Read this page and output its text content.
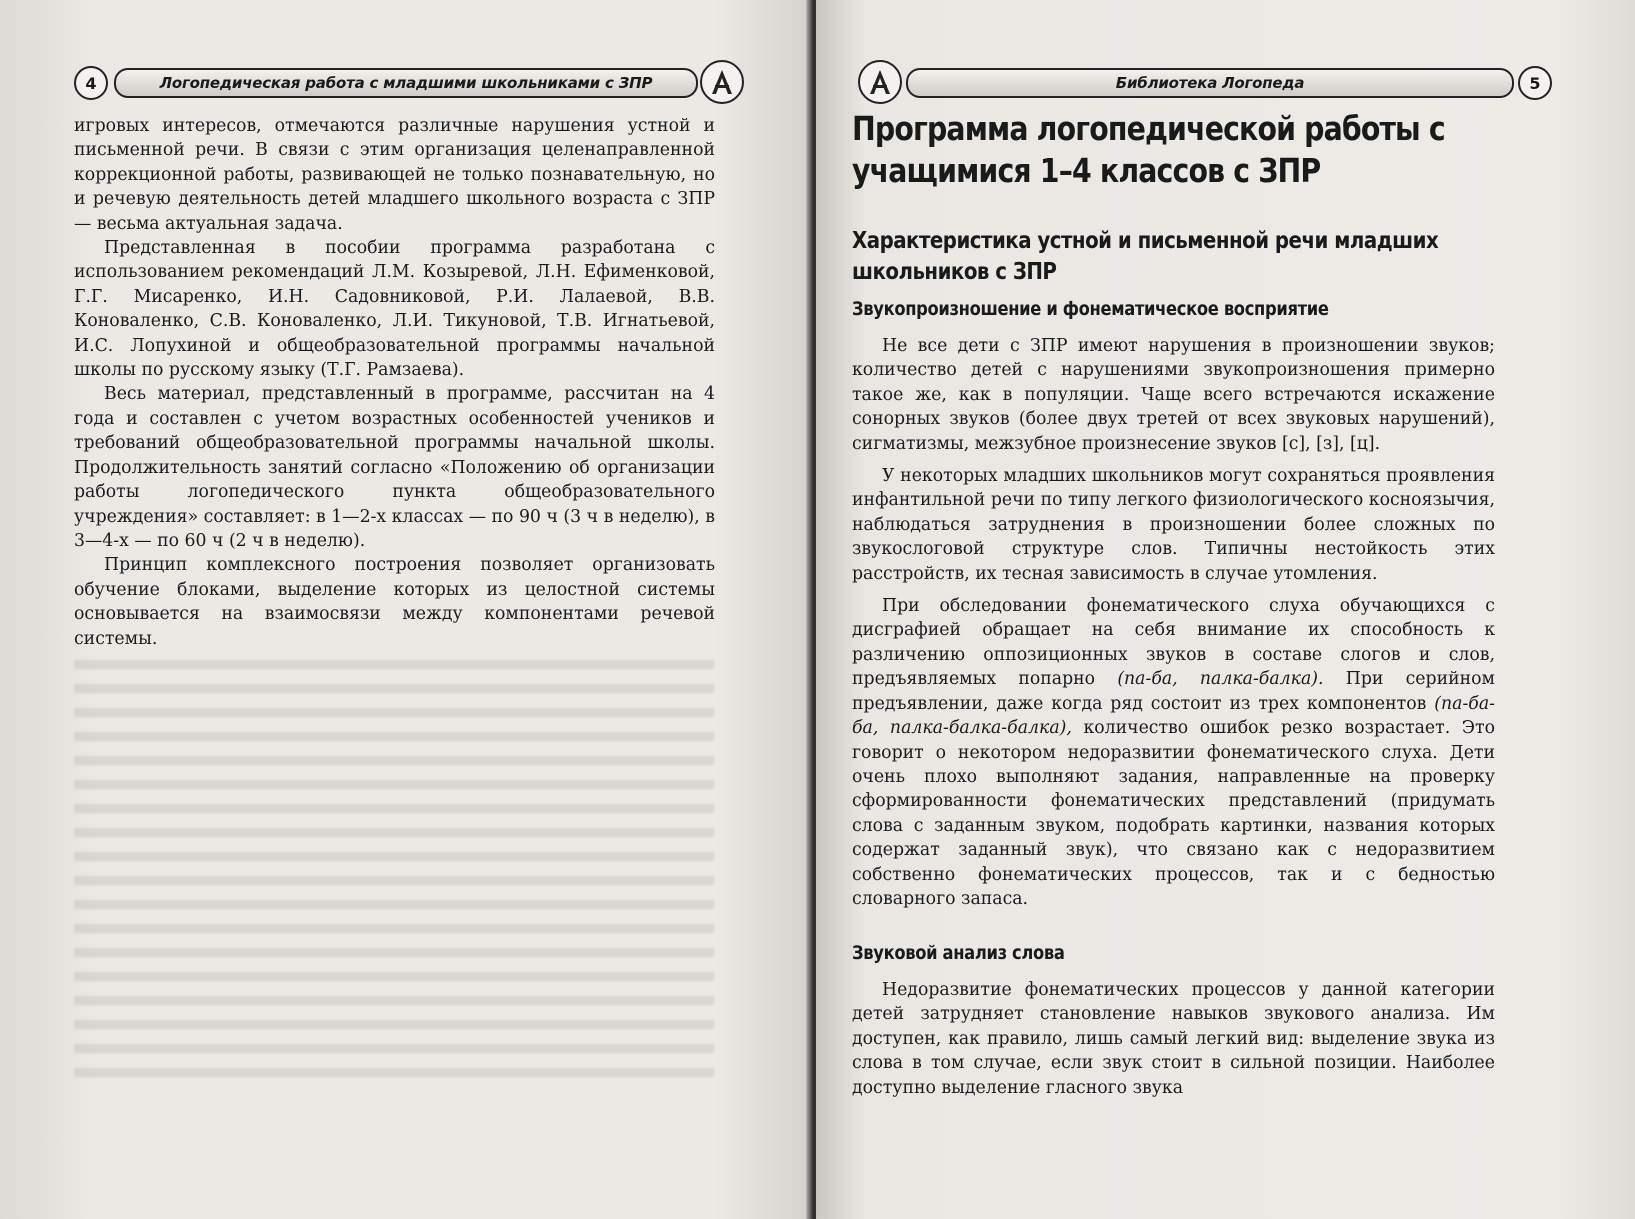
4	Логопедическая работа с младшими школьниками с ЗПР

игровых интересов, отмечаются различные нарушения устной и письменной речи. В связи с этим организация целенаправленной коррекционной работы, развивающей не только познавательную, но и речевую деятельность детей младшего школьного возраста с ЗПР — весьма актуальная задача.

Представленная в пособии программа разработана с использованием рекомендаций Л.М. Козыревой, Л.Н. Ефименковой, Г.Г. Мисаренко, И.Н. Садовниковой, Р.И. Лалаевой, В.В. Коноваленко, С.В. Коноваленко, Л.И. Тикуновой, Т.В. Игнатьевой, И.С. Лопухиной и общеобразовательной программы начальной школы по русскому языку (Т.Г. Рамзаева).

Весь материал, представленный в программе, рассчитан на 4 года и составлен с учетом возрастных особенностей учеников и требований общеобразовательной программы начальной школы. Продолжительность занятий согласно «Положению об организации работы логопедического пункта общеобразовательного учреждения» составляет: в 1—2-х классах — по 90 ч (3 ч в неделю), в 3—4-х — по 60 ч (2 ч в неделю).

Принцип комплексного построения позволяет организовать обучение блоками, выделение которых из целостной системы основывается на взаимосвязи между компонентами речевой системы.

Библиотека Логопеда	5
Программа логопедической работы с учащимися 1–4 классов с ЗПР
Характеристика устной и письменной речи младших школьников с ЗПР
Звукопроизношение и фонематическое восприятие

Не все дети с ЗПР имеют нарушения в произношении звуков; количество детей с нарушениями звукопроизношения примерно такое же, как в популяции. Чаще всего встречаются искажение сонорных звуков (более двух третей от всех звуковых нарушений), сигматизмы, межзубное произнесение звуков [с], [з], [ц].

У некоторых младших школьников могут сохраняться проявления инфантильной речи по типу легкого физиологического косноязычия, наблюдаться затруднения в произношении более сложных по звукослоговой структуре слов. Типичны нестойкость этих расстройств, их тесная зависимость в случае утомления.

При обследовании фонематического слуха обучающихся с дисграфией обращает на себя внимание их способность к различению оппозиционных звуков в составе слогов и слов, предъявляемых попарно (па-ба, палка-балка). При серийном предъявлении, даже когда ряд состоит из трех компонентов (па-ба-ба, палка-балка-балка), количество ошибок резко возрастает. Это говорит о некотором недоразвитии фонематического слуха. Дети очень плохо выполняют задания, направленные на проверку сформированности фонематических представлений (придумать слова с заданным звуком, подобрать картинки, названия которых содержат заданный звук), что связано как с недоразвитием собственно фонематических процессов, так и с бедностью словарного запаса.

Звуковой анализ слова

Недоразвитие фонематических процессов у данной категории детей затрудняет становление навыков звукового анализа. Им доступен, как правило, лишь самый легкий вид: выделение звука из слова в том случае, если звук стоит в сильной позиции. Наиболее доступно выделение гласного звука
